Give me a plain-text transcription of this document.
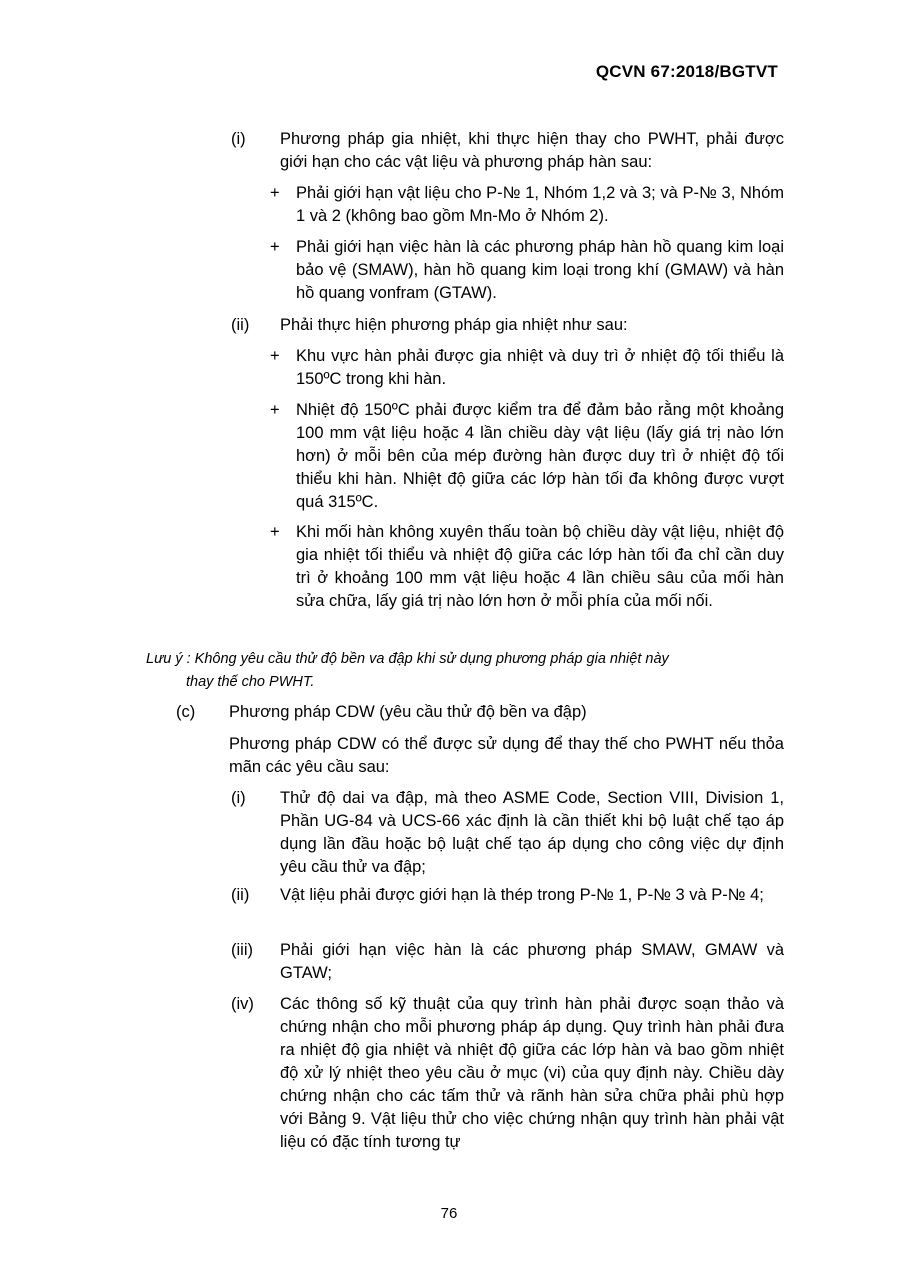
QCVN 67:2018/BGTVT
(i) Phương pháp gia nhiệt, khi thực hiện thay cho PWHT, phải được giới hạn cho các vật liệu và phương pháp hàn sau:

+ Phải giới hạn vật liệu cho P-№ 1, Nhóm 1,2 và 3; và P-№ 3, Nhóm 1 và 2 (không bao gồm Mn-Mo ở Nhóm 2).

+ Phải giới hạn việc hàn là các phương pháp hàn hồ quang kim loại bảo vệ (SMAW), hàn hồ quang kim loại trong khí (GMAW) và hàn hồ quang vonfram (GTAW).

(ii) Phải thực hiện phương pháp gia nhiệt như sau:

+ Khu vực hàn phải được gia nhiệt và duy trì ở nhiệt độ tối thiểu là 150ºC trong khi hàn.

+ Nhiệt độ 150ºC phải được kiểm tra để đảm bảo rằng một khoảng 100 mm vật liệu hoặc 4 lần chiều dày vật liệu (lấy giá trị nào lớn hơn) ở mỗi bên của mép đường hàn được duy trì ở nhiệt độ tối thiểu khi hàn. Nhiệt độ giữa các lớp hàn tối đa không được vượt quá 315ºC.

+ Khi mối hàn không xuyên thấu toàn bộ chiều dày vật liệu, nhiệt độ gia nhiệt tối thiểu và nhiệt độ giữa các lớp hàn tối đa chỉ cần duy trì ở khoảng 100 mm vật liệu hoặc 4 lần chiều sâu của mối hàn sửa chữa, lấy giá trị nào lớn hơn ở mỗi phía của mối nối.

Lưu ý : Không yêu cầu thử độ bền va đập khi sử dụng phương pháp gia nhiệt này
thay thế cho PWHT.

(c) Phương pháp CDW (yêu cầu thử độ bền va đập)

Phương pháp CDW có thể được sử dụng để thay thế cho PWHT nếu thỏa mãn các yêu cầu sau:

(i) Thử độ dai va đập, mà theo ASME Code, Section VIII, Division 1, Phần UG-84 và UCS-66 xác định là cần thiết khi bộ luật chế tạo áp dụng lần đầu hoặc bộ luật chế tạo áp dụng cho công việc dự định yêu cầu thử va đập;

(ii) Vật liệu phải được giới hạn là thép trong P-№ 1, P-№ 3 và P-№ 4;

(iii) Phải giới hạn việc hàn là các phương pháp SMAW, GMAW và GTAW;

(iv) Các thông số kỹ thuật của quy trình hàn phải được soạn thảo và chứng nhận cho mỗi phương pháp áp dụng. Quy trình hàn phải đưa ra nhiệt độ gia nhiệt và nhiệt độ giữa các lớp hàn và bao gồm nhiệt độ xử lý nhiệt theo yêu cầu ở mục (vi) của quy định này. Chiều dày chứng nhận cho các tấm thử và rãnh hàn sửa chữa phải phù hợp với Bảng 9. Vật liệu thử cho việc chứng nhận quy trình hàn phải vật liệu có đặc tính tương tự

76
